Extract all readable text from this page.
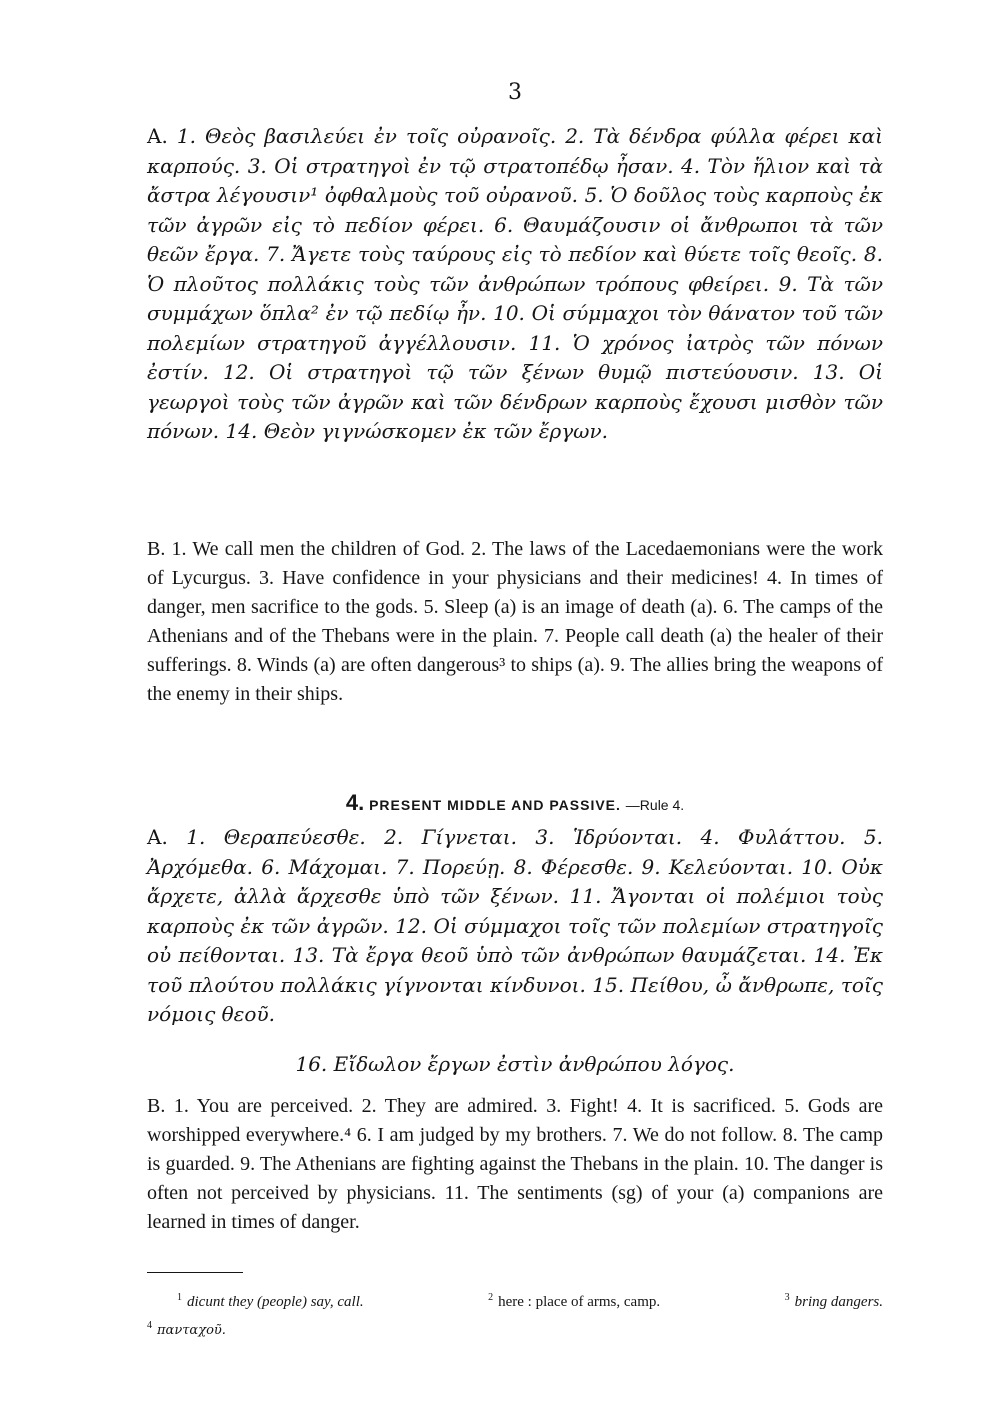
3
A. 1. Θεὸς βασιλεύει ἐν τοῖς οὐρανοῖς. 2. Τὰ δένδρα φύλλα φέρει καὶ καρπούς. 3. Οἱ στρατηγοὶ ἐν τῷ στρατοπέδῳ ἦσαν. 4. Τὸν ἥλιον καὶ τὰ ἄστρα λέγουσιν¹ ὀφθαλμοὺς τοῦ οὐρανοῦ. 5. Ὁ δοῦλος τοὺς καρποὺς ἐκ τῶν ἀγρῶν εἰς τὸ πεδίον φέρει. 6. Θαυμάζουσιν οἱ ἄνθρωποι τὰ τῶν θεῶν ἔργα. 7. Ἄγετε τοὺς ταύρους εἰς τὸ πεδίον καὶ θύετε τοῖς θεοῖς. 8. Ὁ πλοῦτος πολλάκις τοὺς τῶν ἀνθρώπων τρόπους φθείρει. 9. Τὰ τῶν συμμάχων ὅπλα² ἐν τῷ πεδίῳ ἦν. 10. Οἱ σύμμαχοι τὸν θάνατον τοῦ τῶν πολεμίων στρατηγοῦ ἀγγέλλουσιν. 11. Ὁ χρόνος ἰατρὸς τῶν πόνων ἐστίν. 12. Οἱ στρατηγοὶ τῷ τῶν ξένων θυμῷ πιστεύουσιν. 13. Οἱ γεωργοὶ τοὺς τῶν ἀγρῶν καὶ τῶν δένδρων καρποὺς ἔχουσι μισθὸν τῶν πόνων. 14. Θεὸν γιγνώσκομεν ἐκ τῶν ἔργων.
B. 1. We call men the children of God. 2. The laws of the Lacedaemonians were the work of Lycurgus. 3. Have confidence in your physicians and their medicines! 4. In times of danger, men sacrifice to the gods. 5. Sleep (a) is an image of death (a). 6. The camps of the Athenians and of the Thebans were in the plain. 7. People call death (a) the healer of their sufferings. 8. Winds (a) are often dangerous³ to ships (a). 9. The allies bring the weapons of the enemy in their ships.
4. PRESENT MIDDLE AND PASSIVE. —Rule 4.
A. 1. Θεραπεύεσθε. 2. Γίγνεται. 3. Ἱδρύονται. 4. Φυλάττου. 5. Ἀρχόμεθα. 6. Μάχομαι. 7. Πορεύῃ. 8. Φέρεσθε. 9. Κελεύονται. 10. Οὐκ ἄρχετε, ἀλλὰ ἄρχεσθε ὑπὸ τῶν ξένων. 11. Ἄγονται οἱ πολέμιοι τοὺς καρποὺς ἐκ τῶν ἀγρῶν. 12. Οἱ σύμμαχοι τοῖς τῶν πολεμίων στρατηγοῖς οὐ πείθονται. 13. Τὰ ἔργα θεοῦ ὑπὸ τῶν ἀνθρώπων θαυμάζεται. 14. Ἐκ τοῦ πλούτου πολλάκις γίγνονται κίνδυνοι. 15. Πείθου, ὦ ἄνθρωπε, τοῖς νόμοις θεοῦ.
16. Εἴδωλον ἔργων ἐστὶν ἀνθρώπου λόγος.
B. 1. You are perceived. 2. They are admired. 3. Fight! 4. It is sacrificed. 5. Gods are worshipped everywhere.⁴ 6. I am judged by my brothers. 7. We do not follow. 8. The camp is guarded. 9. The Athenians are fighting against the Thebans in the plain. 10. The danger is often not perceived by physicians. 11. The sentiments (sg) of your (a) companions are learned in times of danger.
$^1$ dicunt they (people) say, call.	$^2$ here : place of arms, camp.	$^3$ bring dangers.
$^4$ πανταχοῦ.
